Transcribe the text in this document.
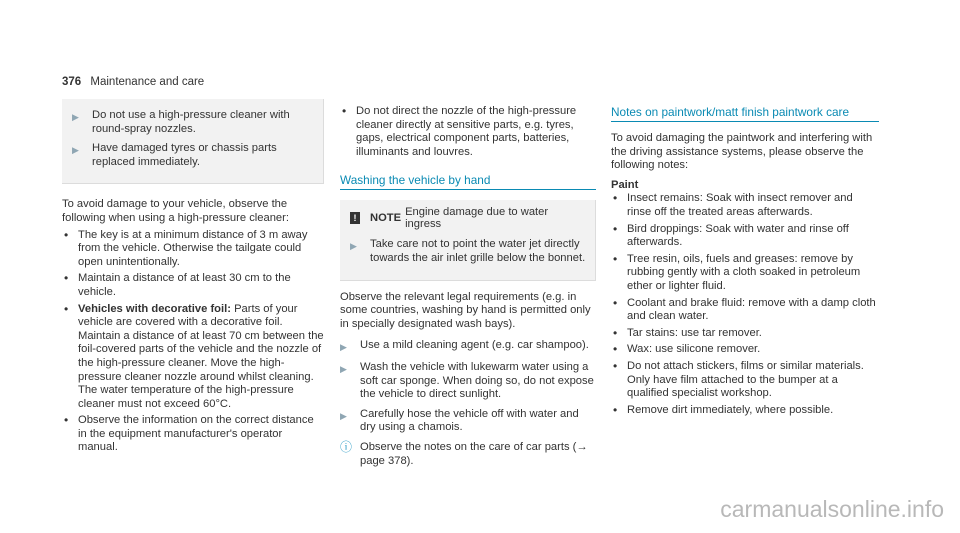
376 Maintenance and care
▶	Do not use a high-pressure cleaner with round-spray nozzles.
▶	Have damaged tyres or chassis parts replaced immediately.

To avoid damage to your vehicle, observe the following when using a high-pressure cleaner:

• The key is at a minimum distance of 3 m away from the vehicle. Otherwise the tailgate could open unintentionally.
• Maintain a distance of at least 30 cm to the vehicle.
• Vehicles with decorative foil: Parts of your vehicle are covered with a decorative foil. Maintain a distance of at least 70 cm between the foil-covered parts of the vehicle and the nozzle of the high-pressure cleaner. Move the high-pressure cleaner nozzle around whilst cleaning. The water temperature of the high-pressure cleaner must not exceed 60°C.
• Observe the information on the correct distance in the equipment manufacturer's operator manual.
• Do not direct the nozzle of the high-pressure cleaner directly at sensitive parts, e.g. tyres, gaps, electrical component parts, batteries, illuminants and louvres.
Washing the vehicle by hand
!	NOTE Engine damage due to water ingress
▶	Take care not to point the water jet directly towards the air inlet grille below the bonnet.

Observe the relevant legal requirements (e.g. in some countries, washing by hand is permitted only in specially designated wash bays).

▶	Use a mild cleaning agent (e.g. car shampoo).
▶	Wash the vehicle with lukewarm water using a soft car sponge. When doing so, do not expose the vehicle to direct sunlight.
▶	Carefully hose the vehicle off with water and dry using a chamois.
ⓘ Observe the notes on the care of car parts (→ page 378).
Notes on paintwork/matt finish paintwork care

To avoid damaging the paintwork and interfering with the driving assistance systems, please observe the following notes:

Paint
• Insect remains: Soak with insect remover and rinse off the treated areas afterwards.
• Bird droppings: Soak with water and rinse off afterwards.
• Tree resin, oils, fuels and greases: remove by rubbing gently with a cloth soaked in petroleum ether or lighter fluid.
• Coolant and brake fluid: remove with a damp cloth and clean water.
• Tar stains: use tar remover.
• Wax: use silicone remover.
• Do not attach stickers, films or similar materials. Only have film attached to the bumper at a qualified specialist workshop.
• Remove dirt immediately, where possible.
carmanualsonline.info
